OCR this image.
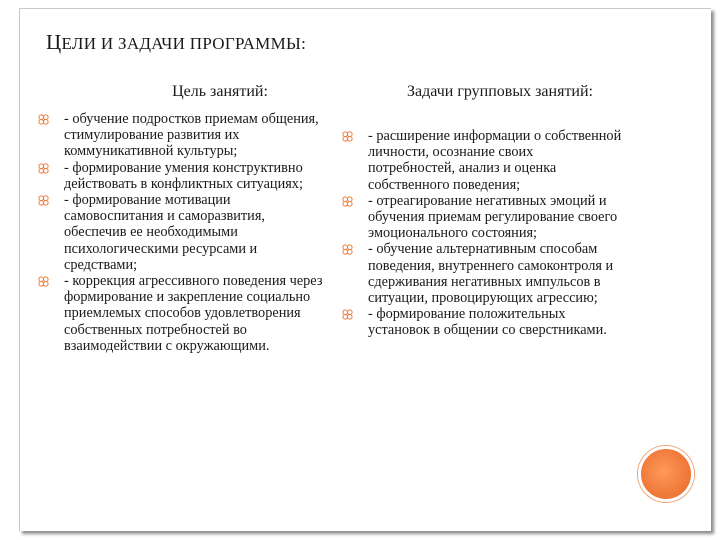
ЦЕЛИ И ЗАДАЧИ ПРОГРАММЫ:
Цель занятий:	Задачи групповых занятий:
- обучение подростков приемам общения, стимулирование развития их коммуникативной культуры;
- формирование умения конструктивно действовать в конфликтных ситуациях;
- формирование мотивации самовоспитания и саморазвития, обеспечив ее необходимыми психологическими ресурсами и средствами;
- коррекция агрессивного поведения через формирование и закрепление социально приемлемых способов удовлетворения собственных потребностей во взаимодействии с окружающими.
- расширение информации о собственной личности, осознание своих потребностей, анализ и оценка собственного поведения;
- отреагирование негативных эмоций и обучения приемам регулирование своего эмоционального состояния;
- обучение альтернативным способам поведения, внутреннего самоконтроля и сдерживания негативных импульсов в ситуации, провоцирующих агрессию;
- формирование положительных установок в общении со сверстниками.
